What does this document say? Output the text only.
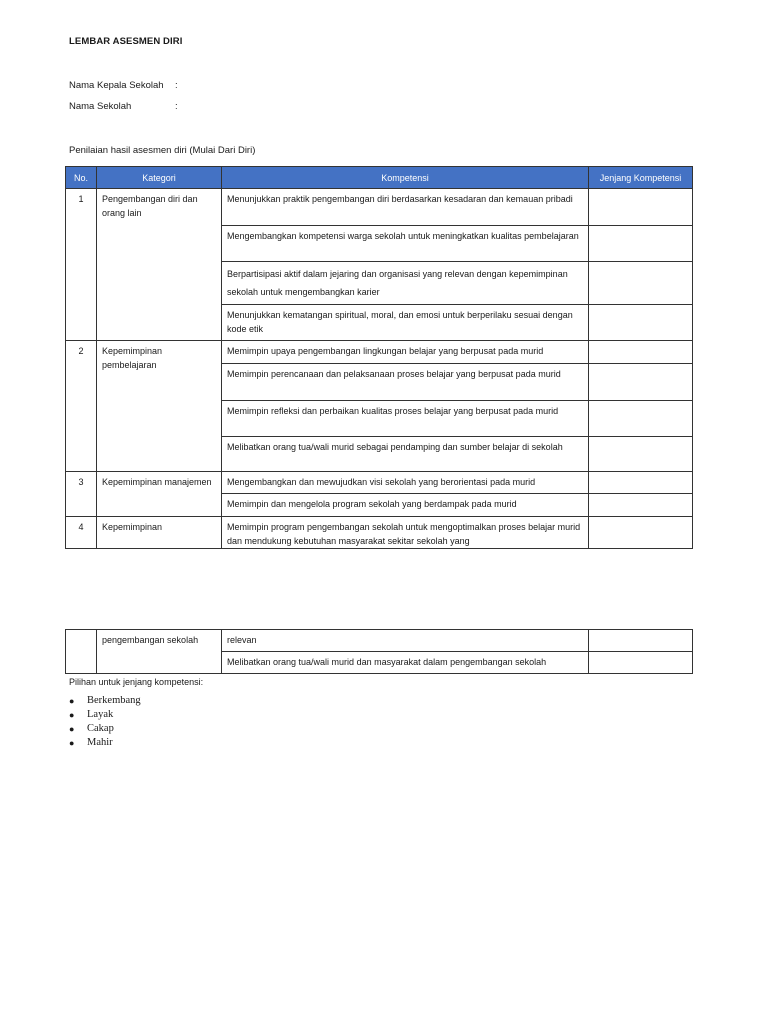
LEMBAR ASESMEN DIRI
Nama Kepala Sekolah :
Nama Sekolah	:
Penilaian hasil asesmen diri (Mulai Dari Diri)
No.	Kategori	Kompetensi	Jenjang Kompetensi
1	Pengembangan diri dan orang lain	Menunjukkan praktik pengembangan diri berdasarkan kesadaran dan kemauan pribadi	
		Mengembangkan kompetensi warga sekolah untuk meningkatkan kualitas pembelajaran	
		Berpartisipasi aktif dalam jejaring dan organisasi yang relevan dengan kepemimpinan sekolah untuk mengembangkan karier	
		Menunjukkan kematangan spiritual, moral, dan emosi untuk berperilaku sesuai dengan kode etik	
2	Kepemimpinan pembelajaran	Memimpin upaya pengembangan lingkungan belajar yang berpusat pada murid	
		Memimpin perencanaan dan pelaksanaan proses belajar yang berpusat pada murid	
		Memimpin refleksi dan perbaikan kualitas proses belajar yang berpusat pada murid	
		Melibatkan orang tua/wali murid sebagai pendamping dan sumber belajar di sekolah	
3	Kepemimpinan manajemen	Mengembangkan dan mewujudkan visi sekolah yang berorientasi pada murid	
		Memimpin dan mengelola program sekolah yang berdampak pada murid	
4	Kepemimpinan	Memimpin program pengembangan sekolah untuk mengoptimalkan proses belajar murid dan mendukung kebutuhan masyarakat sekitar sekolah yang	
	pengembangan sekolah	relevan	
		Melibatkan orang tua/wali murid dan masyarakat dalam pengembangan sekolah	
Pilihan untuk jenjang kompetensi:
● Berkembang
● Layak
● Cakap
● Mahir
